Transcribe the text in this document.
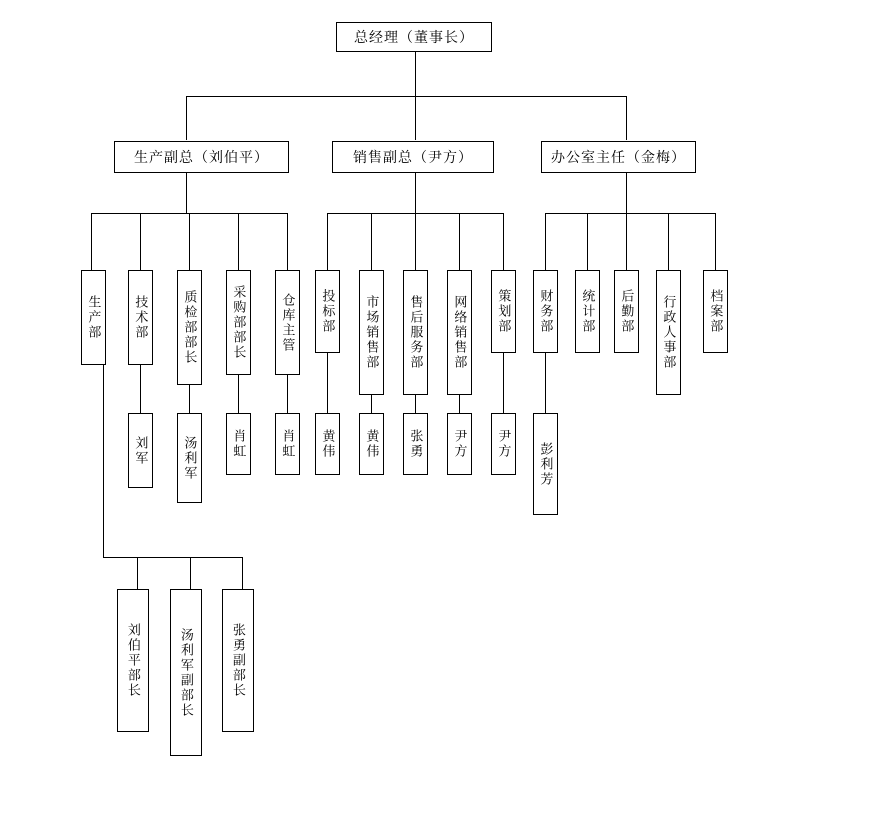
总经理（董事长）
生产副总（刘伯平）	销售副总（尹方）	办公室主任（金梅）
生产部 技术部	质检部部长	采购部部长	仓库主管 投标部 市场销售部 售后服务部 网络销售部 策划部 财务部 统计部 后勤部 行政人事部 档案部
刘军	汤利军	肖虹	肖虹 黄伟 黄伟 张勇 尹方 尹方 彭利芳
刘伯平部长	汤利军副部长	张勇副部长
